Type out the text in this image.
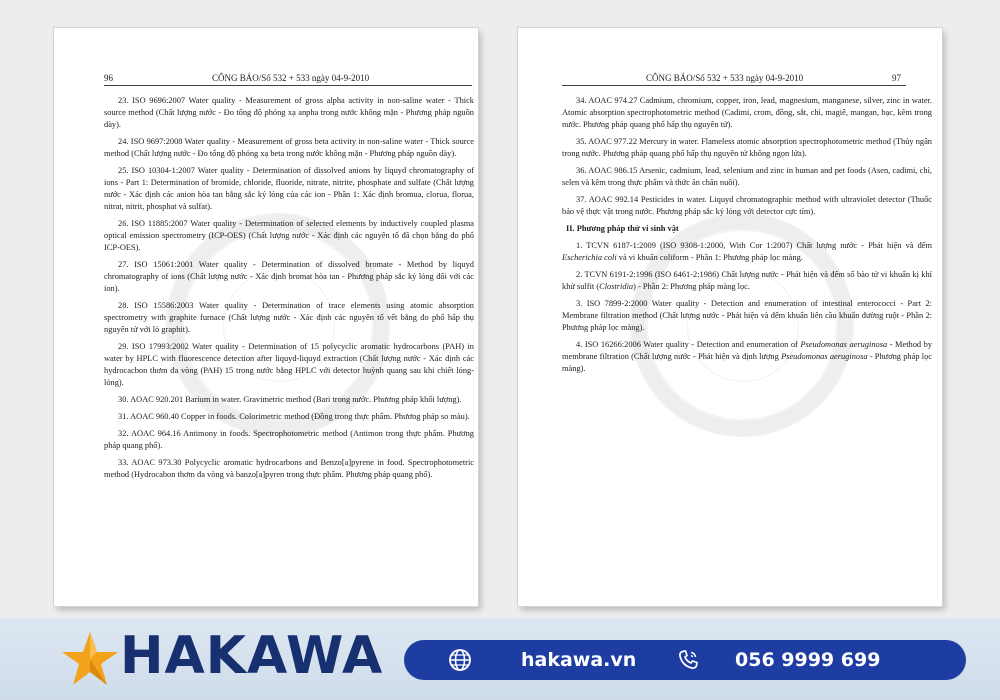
96	CÔNG BÁO/Số 532 + 533 ngày 04-9-2010

23. ISO 9696:2007 Water quality - Measurement of gross alpha activity in non-saline water - Thick source method (Chất lượng nước - Đo tổng độ phóng xạ anpha trong nước không mặn - Phương pháp nguồn dày).

24. ISO 9697:2008 Water quality - Measurement of gross beta activity in non-saline water - Thick source method (Chất lượng nước - Đo tổng độ phóng xạ beta trong nước không mặn - Phương pháp nguồn dày).

25. ISO 10304-1:2007 Water quality - Determination of dissolved anions by liquyd chromatography of ions - Part 1: Determination of bromide, chloride, fluoride, nitrate, nitrite, phosphate and sulfate (Chất lượng nước - Xác định các anion hòa tan bằng sắc ký lỏng của các ion - Phần 1: Xác định bromua, clorua, florua, nitrat, nitrit, phosphat và sulfat).

26. ISO 11885:2007 Water quality - Determination of selected elements by inductively coupled plasma optical emission spectrometry (ICP-OES) (Chất lượng nước - Xác định các nguyên tố đã chọn bằng đo phổ ICP-OES).

27. ISO 15061:2001 Water quality - Determination of dissolved bromate - Method by liquyd chromatography of ions (Chất lượng nước - Xác định bromat hòa tan - Phương pháp sắc ký lỏng đối với các ion).

28. ISO 15586:2003 Water quality - Determination of trace elements using atomic absorption spectrometry with graphite furnace (Chất lượng nước - Xác định các nguyên tố vết bằng đo phổ hấp thụ nguyên tử với lò graphit).

29. ISO 17993:2002 Water quality - Determination of 15 polycyclic aromatic hydrocarbons (PAH) in water by HPLC with fluorescence detection after liquyd-liquyd extraction (Chất lượng nước - Xác định các hydrocacbon thơm đa vòng (PAH) 15 trong nước bằng HPLC với detector huỳnh quang sau khi chiết lỏng-lỏng).

30. AOAC 920.201 Barium in water. Gravimetric method (Bari trong nước. Phương pháp khối lượng).

31. AOAC 960.40 Copper in foods. Colorimetric method (Đồng trong thực phẩm. Phương pháp so màu).

32. AOAC 964.16 Antimony in foods. Spectrophotometric method (Antimon trong thực phẩm. Phương pháp quang phổ).

33. AOAC 973.30 Polycyclic aromatic hydrocarbons and Benzo[a]pyrene in food. Spectrophotometric method (Hydrocabon thơm đa vòng và banzo[a]pyren trong thực phẩm. Phương pháp quang phổ).

CÔNG BÁO/Số 532 + 533 ngày 04-9-2010	97

34. AOAC 974.27 Cadmium, chromium, copper, iron, lead, magnesium, manganese, silver, zinc in water. Atomic absorption spectrophotometric method (Cadimi, crom, đồng, sắt, chì, magiê, mangan, bạc, kẽm trong nước. Phương pháp quang phổ hấp thụ nguyên tử).

35. AOAC 977.22 Mercury in water. Flameless atomic absorption spectrophotometric method (Thủy ngân trong nước. Phương pháp quang phổ hấp thụ nguyên tử không ngọn lửa).

36. AOAC 986.15 Arsenic, cadmium, lead, selenium and zinc in human and pet foods (Asen, cadimi, chì, selen và kẽm trong thực phẩm và thức ăn chăn nuôi).

37. AOAC 992.14 Pesticides in water. Liquyd chromatographic method with ultraviolet detector (Thuốc bảo vệ thực vật trong nước. Phương pháp sắc ký lỏng với detector cực tím).

II. Phương pháp thử vi sinh vật

1. TCVN 6187-1:2009 (ISO 9308-1:2000, With Cor 1:2007) Chất lượng nước - Phát hiện và đếm Escherichia coli và vi khuẩn coliform - Phần 1: Phương pháp lọc màng.

2. TCVN 6191-2:1996 (ISO 6461-2:1986) Chất lượng nước - Phát hiện và đếm số bào tử vi khuẩn kị khí khử sulfit (Clostridia) - Phần 2: Phương pháp màng lọc.

3. ISO 7899-2:2000 Water quality - Detection and enumeration of intestinal enterococci - Part 2: Membrane filtration method (Chất lượng nước - Phát hiện và đếm khuẩn liên cầu khuẩn đường ruột - Phần 2: Phương pháp lọc màng).

4. ISO 16266:2006 Water quality - Detection and enumeration of Pseudomonas aeruginosa - Method by membrane filtration (Chất lượng nước - Phát hiện và định lượng Pseudomonas aeruginosa - Phương pháp lọc màng).

HAKAWA	hakawa.vn	056 9999 699
